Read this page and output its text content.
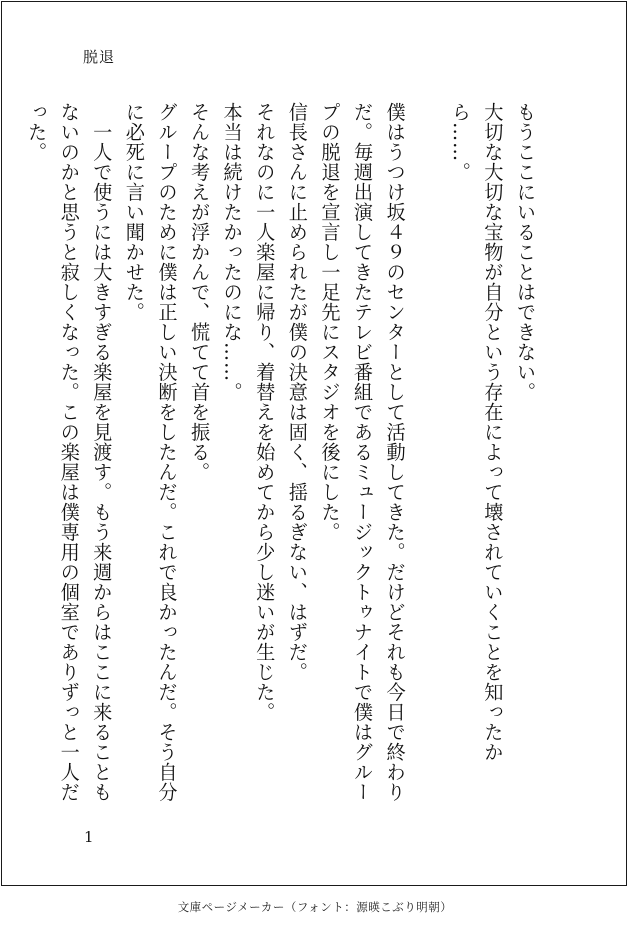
脱退

もうここにいることはできない。

大切な大切な宝物が自分という存在によって壊されていくことを知ったから……。

僕はうつけ坂４９のセンターとして活動してきた。だけどそれも今日で終わりだ。毎週出演してきたテレビ番組であるミュージックトゥナイトで僕はグループの脱退を宣言し一足先にスタジオを後にした。

信長さんに止められたが僕の決意は固く、揺るぎない、はずだ。

それなのに一人楽屋に帰り、着替えを始めてから少し迷いが生じた。

本当は続けたかったのにな……。

そんな考えが浮かんで、慌てて首を振る。

グループのために僕は正しい決断をしたんだ。これで良かったんだ。そう自分に必死に言い聞かせた。

　一人で使うには大きすぎる楽屋を見渡す。もう来週からはここに来ることもないのかと思うと寂しくなった。この楽屋は僕専用の個室でありずっと一人だった。

1
文庫ページメーカー（フォント：源暎こぶり明朝）
